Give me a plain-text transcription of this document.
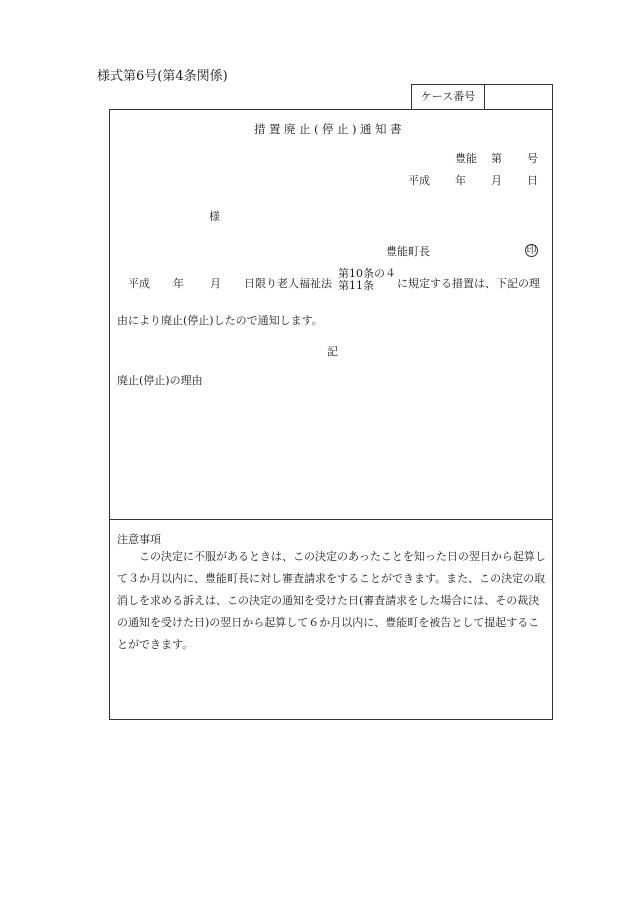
様式第6号(第4条関係)
ケース番号
措置廃止(停止)通知書
豊能 第 号
平成 年 月 日
様
豊能町長	印
平成 年 月 日限り老人福祉法
第10条の４
第11条	に規定する措置は、下記の理
由により廃止(停止)したので通知します。
記
廃止(停止)の理由
注意事項
この決定に不服があるときは、この決定のあったことを知った日の翌日から起算して３か月以内に、豊能町長に対し審査請求をすることができます。また、この決定の取消しを求める訴えは、この決定の通知を受けた日(審査請求をした場合には、その裁決の通知を受けた日)の翌日から起算して６か月以内に、豊能町を被告として提起することができます。
